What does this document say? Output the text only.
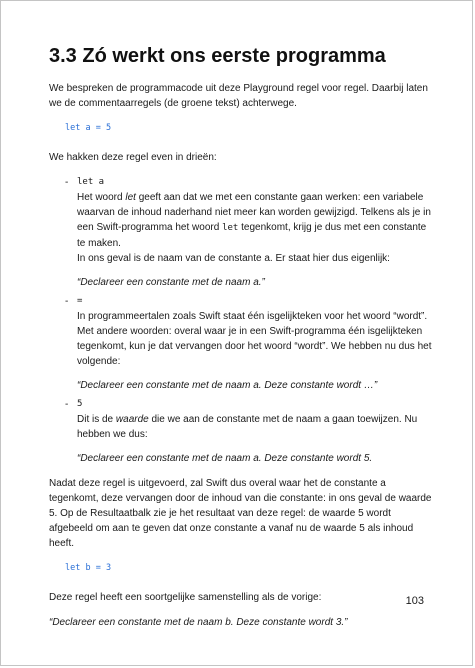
3.3 Zó werkt ons eerste programma

We bespreken de programmacode uit deze Playground regel voor regel. Daarbij laten we de commentaarregels (de groene tekst) achterwege.

let a = 5

We hakken deze regel even in drieën:

- let a
Het woord let geeft aan dat we met een constante gaan werken: een variabele waarvan de inhoud naderhand niet meer kan worden gewijzigd. Telkens als je in een Swift-programma het woord let tegenkomt, krijg je dus met een constante te maken.
In ons geval is de naam van de constante a. Er staat hier dus eigenlijk:
“Declareer een constante met de naam a.”
- =
In programmeertalen zoals Swift staat één isgelijkteken voor het woord “wordt”. Met andere woorden: overal waar je in een Swift-programma één isgelijkteken tegenkomt, kun je dat vervangen door het woord “wordt”. We hebben nu dus het volgende:
“Declareer een constante met de naam a. Deze constante wordt …”
- 5
Dit is de waarde die we aan de constante met de naam a gaan toewijzen. Nu hebben we dus:
“Declareer een constante met de naam a. Deze constante wordt 5.

Nadat deze regel is uitgevoerd, zal Swift dus overal waar het de constante a tegenkomt, deze vervangen door de inhoud van die constante: in ons geval de waarde 5. Op de Resultaatbalk zie je het resultaat van deze regel: de waarde 5 wordt afgebeeld om aan te geven dat onze constante a vanaf nu de waarde 5 als inhoud heeft.

let b = 3

Deze regel heeft een soortgelijke samenstelling als de vorige:

“Declareer een constante met de naam b. Deze constante wordt 3.”
103
